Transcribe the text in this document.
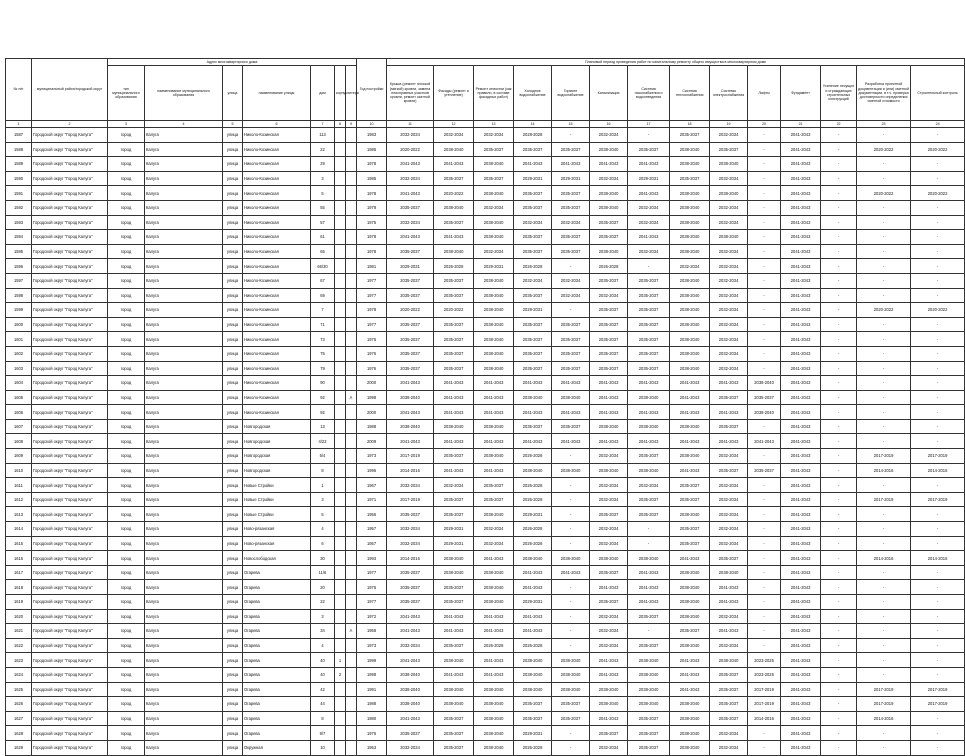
№ п/п	муниципальный район/городской округ	Адрес многоквартирного дома							Год постройки	Плановый период проведения работ по капитальному ремонту общего имущества в многоквартирном доме													
		тип муниципального образования	наименование муниципального образования	улица	наименование улицы	дом	корпус	литера		Крыша (ремонт плоской (мягкой) кровли, замена неисправных участков кровли, ремонт скатной кровли)	Фасады (ремонт и утепление)	Ремонт отмостки (как правило, в составе фасадных работ)	Холодное водоснабжение	Горячее водоснабжение	Канализация	Система газоснабжения и водоотведения	Система теплоснабжения	Системы электроснабжения	Лифты	Фундамент	Усиление несущих и ограждающих строительных конструкций	Разработка проектной документации и (или) сметной документации, в т.ч. проверка достоверности определения сметной стоимости	Строительный контроль
1	2	3	4	5	6	7	8	9	10	11	12	13	14	15	16	17	18	19	20	21	22	23	24
1587	Городской округ "Город Калуга"	город	Калуга	улица	Николо-Козинская	113			1983	2032-2034	2032-2034	2032-2034	2028-2028	-	2032-2034	-	2035-2037	2032-2034	-	2041-2043	-	-	-
1588	Городской округ "Город Калуга"	город	Калуга	улица	Николо-Козинская	22			1985	2020-2022	2038-2040	2035-2037	2035-2037	2035-2037	2038-2040	2035-2037	2038-2040	2035-2037	-	2041-2043	-	2020-2022	2020-2022
1589	Городской округ "Город Калуга"	город	Калуга	улица	Николо-Козинская	29			1978	2041-2043	2041-2043	2038-2040	2041-2043	2041-2043	2041-2043	2041-2043	2038-2040	2038-2040	-	2041-2043	-	-	-
1590	Городской округ "Город Калуга"	город	Калуга	улица	Николо-Козинская	3			1985	2032-2034	2035-2037	2035-2037	2029-2031	2029-2031	2032-2034	2029-2031	2035-2037	2032-2034	-	2041-2043	-	-	-
1591	Городской округ "Город Калуга"	город	Калуга	улица	Николо-Козинская	5			1978	2041-2043	2020-2022	2038-2040	2035-2037	2035-2037	2038-2040	2041-2043	2038-2040	2038-2040	-	2041-2043	-	2020-2022	2020-2022
1592	Городской округ "Город Калуга"	город	Калуга	улица	Николо-Козинская	55			1978	2035-2037	2038-2040	2032-2034	2035-2037	2035-2037	2038-2040	2032-2034	2038-2040	2032-2034	-	2041-2043	-	-	-
1593	Городской округ "Город Калуга"	город	Калуга	улица	Николо-Козинская	57			1975	2032-2034	2035-2037	2038-2040	2032-2034	2032-2034	2035-2037	2032-2034	2038-2040	2032-2034	-	2041-2043	-	-	-
1594	Городской округ "Город Калуга"	город	Калуга	улица	Николо-Козинская	61			1978	2041-2043	2041-2043	2038-2040	2035-2037	2035-2037	2035-2037	2041-2043	2038-2040	2038-2040	-	2041-2043	-	-	-
1595	Городской округ "Город Калуга"	город	Калуга	улица	Николо-Козинская	65			1978	2035-2037	2038-2040	2032-2034	2035-2037	2035-2037	2038-2040	2032-2034	2038-2040	2032-2034	-	2041-2043	-	-	-
1596	Городской округ "Город Калуга"	город	Калуга	улица	Николо-Козинская	66/30			1981	2029-2031	2026-2028	2029-2031	2026-2028	-	2026-2028	-	2032-2034	2032-2034	-	2041-2043	-	-	-
1597	Городской округ "Город Калуга"	город	Калуга	улица	Николо-Козинская	67			1977	2035-2037	2035-2037	2038-2040	2032-2034	2032-2034	2035-2037	2035-2037	2038-2040	2032-2034	-	2041-2043	-	-	-
1598	Городской округ "Город Калуга"	город	Калуга	улица	Николо-Козинская	69			1977	2035-2037	2035-2037	2038-2040	2035-2037	2032-2034	2032-2034	2035-2037	2038-2040	2032-2034	-	2041-2043	-	-	-
1599	Городской округ "Город Калуга"	город	Калуга	улица	Николо-Козинская	7			1978	2020-2022	2020-2022	2038-2040	2029-2031	-	2035-2037	2035-2037	2038-2040	2032-2034	-	2041-2043	-	2020-2022	2020-2022
1600	Городской округ "Город Калуга"	город	Калуга	улица	Николо-Козинская	71			1977	2035-2037	2035-2037	2038-2040	2035-2037	2035-2037	2035-2037	2035-2037	2038-2040	2032-2034	-	2041-2043	-	-	-
1601	Городской округ "Город Калуга"	город	Калуга	улица	Николо-Козинская	73			1976	2035-2037	2035-2037	2038-2040	2035-2037	2035-2037	2035-2037	2035-2037	2038-2040	2032-2034	-	2041-2043	-	-	-
1602	Городской округ "Город Калуга"	город	Калуга	улица	Николо-Козинская	75			1976	2035-2037	2035-2037	2038-2040	2035-2037	2035-2037	2035-2037	2035-2037	2038-2040	2032-2034	-	2041-2043	-	-	-
1603	Городской округ "Город Калуга"	город	Калуга	улица	Николо-Козинская	79			1976	2035-2037	2035-2037	2038-2040	2035-2037	2035-2037	2035-2037	2035-2037	2038-2040	2032-2034	-	2041-2043	-	-	-
1604	Городской округ "Город Калуга"	город	Калуга	улица	Николо-Козинская	90			2000	2041-2043	2041-2043	2041-2043	2041-2043	2041-2043	2041-2043	2041-2043	2041-2043	2041-2043	2038-2040	2041-2043	-	-	-
1605	Городской округ "Город Калуга"	город	Калуга	улица	Николо-Козинская	92		А	1998	2038-2040	2041-2043	2041-2043	2038-2040	2038-2040	2041-2043	2038-2040	2041-2043	2035-2037	2035-2037	2041-2043	-	-	-
1606	Городской округ "Город Калуга"	город	Калуга	улица	Николо-Козинская	92			2000	2041-2043	2041-2043	2041-2043	2041-2043	2041-2043	2041-2043	2041-2043	2041-2043	2041-2043	2038-2040	2041-2043	-	-	-
1607	Городской округ "Город Калуга"	город	Калуга	улица	Новгородская	13			1988	2038-2040	2038-2040	2038-2040	2035-2037	2035-2037	2038-2040	2038-2040	2038-2040	2035-2037	-	2041-2043	-	-	-
1608	Городской округ "Город Калуга"	город	Калуга	улица	Новгородская	4/22			2009	2041-2043	2041-2043	2041-2043	2041-2043	2041-2043	2041-2043	2041-2043	2041-2043	2041-2043	2041-2043	2041-2043	-	-	-
1609	Городской округ "Город Калуга"	город	Калуга	улица	Новгородская	5/4			1973	2017-2019	2035-2037	2038-2040	2026-2028	-	2032-2034	2035-2037	2038-2040	2032-2034	-	2041-2043	-	2017-2019	2017-2019
1610	Городской округ "Город Калуга"	город	Калуга	улица	Новгородская	8			1996	2014-2016	2041-2043	2041-2043	2038-2040	2038-2040	2038-2040	2038-2040	2041-2043	2035-2037	2035-2037	2041-2043	-	2014-2016	2014-2016
1611	Городской округ "Город Калуга"	город	Калуга	улица	Новые Стройки	1			1967	2032-2034	2032-2034	2035-2037	2026-2028	-	2032-2034	2032-2034	2035-2037	2032-2034	-	2041-2043	-	-	-
1612	Городской округ "Город Калуга"	город	Калуга	улица	Новые Стройки	3			1971	2017-2019	2035-2037	2035-2037	2026-2028	-	2032-2034	2035-2037	2035-2037	2032-2034	-	2041-2043	-	2017-2019	2017-2019
1613	Городской округ "Город Калуга"	город	Калуга	улица	Новые Стройки	5			1956	2035-2037	2035-2037	2038-2040	2029-2031	-	2035-2037	2035-2037	2038-2040	2032-2034	-	2041-2043	-	-	-
1614	Городской округ "Город Калуга"	город	Калуга	улица	Ново-рязанская	4			1957	2032-2034	2029-2031	2032-2034	2026-2028	-	2032-2034	-	2035-2037	2032-2034	-	2041-2043	-	-	-
1615	Городской округ "Город Калуга"	город	Калуга	улица	Ново-рязанская	6			1957	2032-2034	2029-2031	2032-2034	2026-2028	-	2032-2034	-	2035-2037	2032-2034	-	2041-2043	-	-	-
1616	Городской округ "Город Калуга"	город	Калуга	улица	Новослободская	30			1993	2014-2016	2038-2040	2041-2043	2038-2040	2038-2040	2038-2040	2038-2040	2041-2043	2035-2037	-	2041-2043	-	2014-2016	2014-2016
1617	Городской округ "Город Калуга"	город	Калуга	улица	Огарева	11/6			1977	2035-2037	2038-2040	2038-2040	2041-2043	2041-2043	2035-2037	2041-2043	2038-2040	2038-2040	-	2041-2043	-	-	-
1618	Городской округ "Город Калуга"	город	Калуга	улица	Огарева	20			1976	2035-2037	2035-2037	2038-2040	2041-2043	-	2041-2043	2041-2043	2038-2040	2041-2043	-	2041-2043	-	-	-
1619	Городской округ "Город Калуга"	город	Калуга	улица	Огарева	22			1977	2035-2037	2035-2037	2038-2040	2029-2031	-	2035-2037	2041-2043	2038-2040	2041-2043	-	2041-2043	-	-	-
1620	Городской округ "Город Калуга"	город	Калуга	улица	Огарева	3			1972	2041-2043	2041-2043	2041-2043	2041-2043	-	2032-2034	2035-2037	2038-2040	2032-2034	-	2041-2043	-	-	-
1621	Городской округ "Город Калуга"	город	Калуга	улица	Огарева	34		А	1958	2041-2043	2041-2043	2041-2043	2041-2043	-	2032-2034	-	2035-2037	2041-2043	-	2041-2043	-	-	-
1622	Городской округ "Город Калуга"	город	Калуга	улица	Огарева	4			1973	2032-2034	2035-2037	2026-2028	2026-2028	-	2032-2034	2035-2037	2038-2040	2032-2034	-	2041-2043	-	-	-
1623	Городской округ "Город Калуга"	город	Калуга	улица	Огарева	40	1		1999	2041-2043	2038-2040	2041-2043	2038-2040	2038-2040	2041-2043	2038-2040	2041-2043	2038-2040	2023-2025	2041-2043	-	-	-
1624	Городской округ "Город Калуга"	город	Калуга	улица	Огарева	40	2		1998	2038-2040	2041-2043	2041-2043	2038-2040	2038-2040	2041-2043	2038-2040	2041-2043	2035-2037	2023-2025	2041-2043	-	-	-
1625	Городской округ "Город Калуга"	город	Калуга	улица	Огарева	42			1991	2038-2040	2038-2040	2038-2040	2038-2040	2038-2040	2038-2040	2038-2040	2041-2043	2035-2037	2017-2019	2041-2043	-	2017-2019	2017-2019
1626	Городской округ "Город Калуга"	город	Калуга	улица	Огарева	44			1988	2038-2040	2038-2040	2038-2040	2035-2037	2035-2037	2038-2040	2038-2040	2038-2040	2035-2037	2017-2019	2041-2043	-	2017-2019	2017-2019
1627	Городской округ "Город Калуга"	город	Калуга	улица	Огарева	8			1980	2041-2043	2035-2037	2038-2040	2035-2037	2035-2037	2041-2043	2035-2037	2038-2040	2035-2037	2014-2016	2041-2043	-	2014-2016	-
1628	Городской округ "Город Калуга"	город	Калуга	улица	Огарева	9/7			1976	2035-2037	2035-2037	2038-2040	2029-2031	-	2035-2037	2035-2037	2038-2040	2032-2034	-	2041-2043	-	-	-
1629	Городской округ "Город Калуга"	город	Калуга	улица	Окружная	10			1953	2032-2034	2035-2037	2038-2040	2026-2028	-	2032-2034	2035-2037	2038-2040	2032-2034	-	2041-2043	-	-	-
